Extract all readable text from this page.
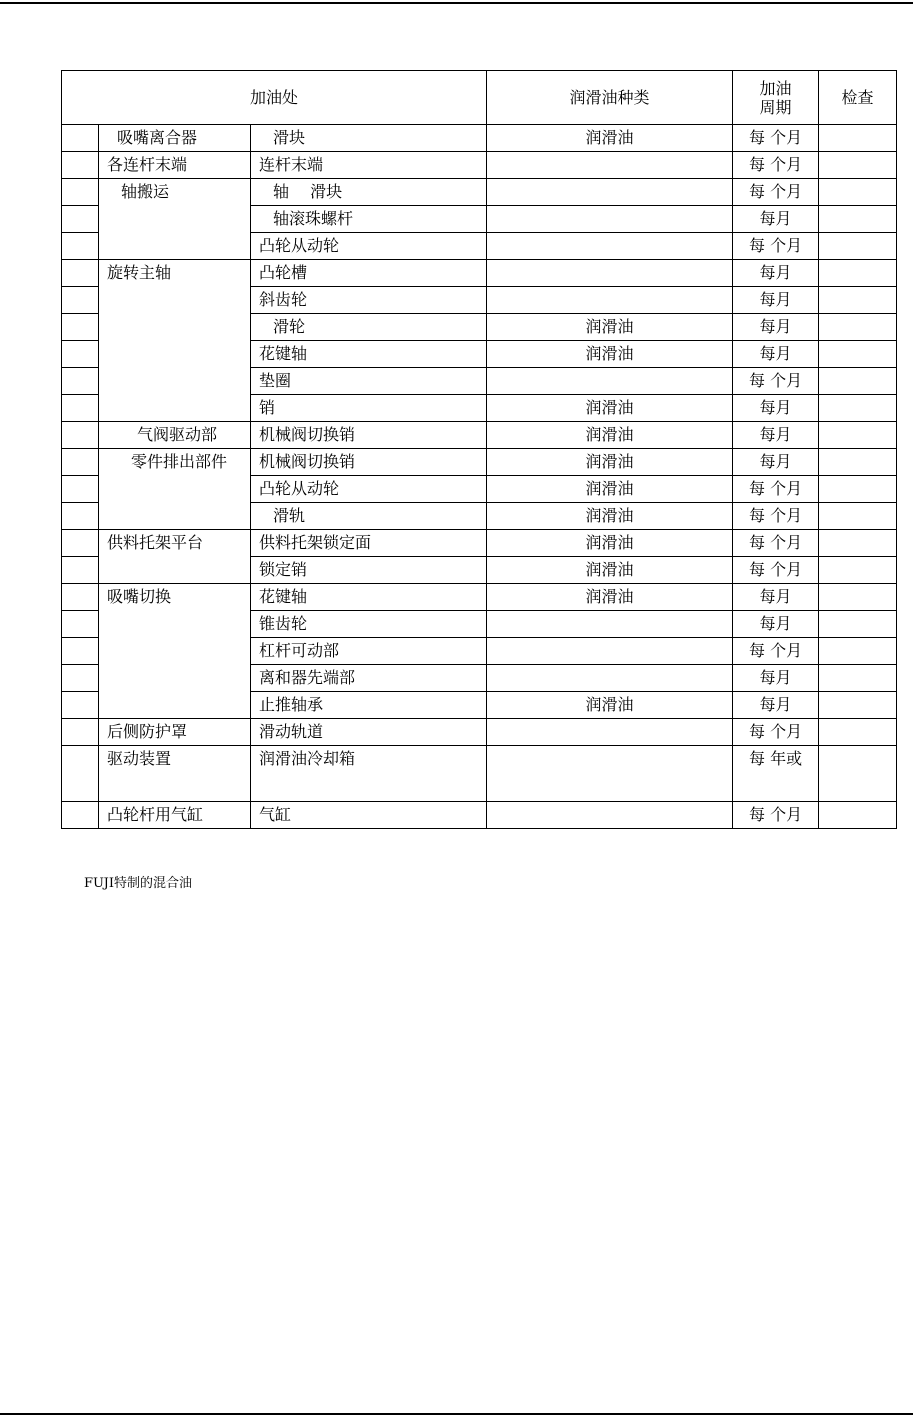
加油处			润滑油种类	加油
周期	检查
	吸嘴离合器	滑块	润滑油	每 个月	
	各连杆末端	连杆末端		每 个月	
	轴搬运	轴　 滑块		每 个月	
		轴滚珠螺杆		每月	
		凸轮从动轮		每 个月	
	旋转主轴	凸轮槽		每月	
		斜齿轮		每月	
		滑轮	润滑油	每月	
		花键轴	润滑油	每月	
		垫圈		每 个月	
		销	润滑油	每月	
	气阀驱动部	机械阀切换销	润滑油	每月	
	零件排出部件	机械阀切换销	润滑油	每月	
		凸轮从动轮	润滑油	每 个月	
		滑轨	润滑油	每 个月	
	供料托架平台	供料托架锁定面	润滑油	每 个月	
		锁定销	润滑油	每 个月	
	吸嘴切换	花键轴	润滑油	每月	
		锥齿轮		每月	
		杠杆可动部		每 个月	
		离和器先端部		每月	
		止推轴承	润滑油	每月	
	后侧防护罩	滑动轨道		每 个月	
	驱动装置	润滑油冷却箱		每 年或	
	凸轮杆用气缸	气缸		每 个月	
FUJI特制的混合油
